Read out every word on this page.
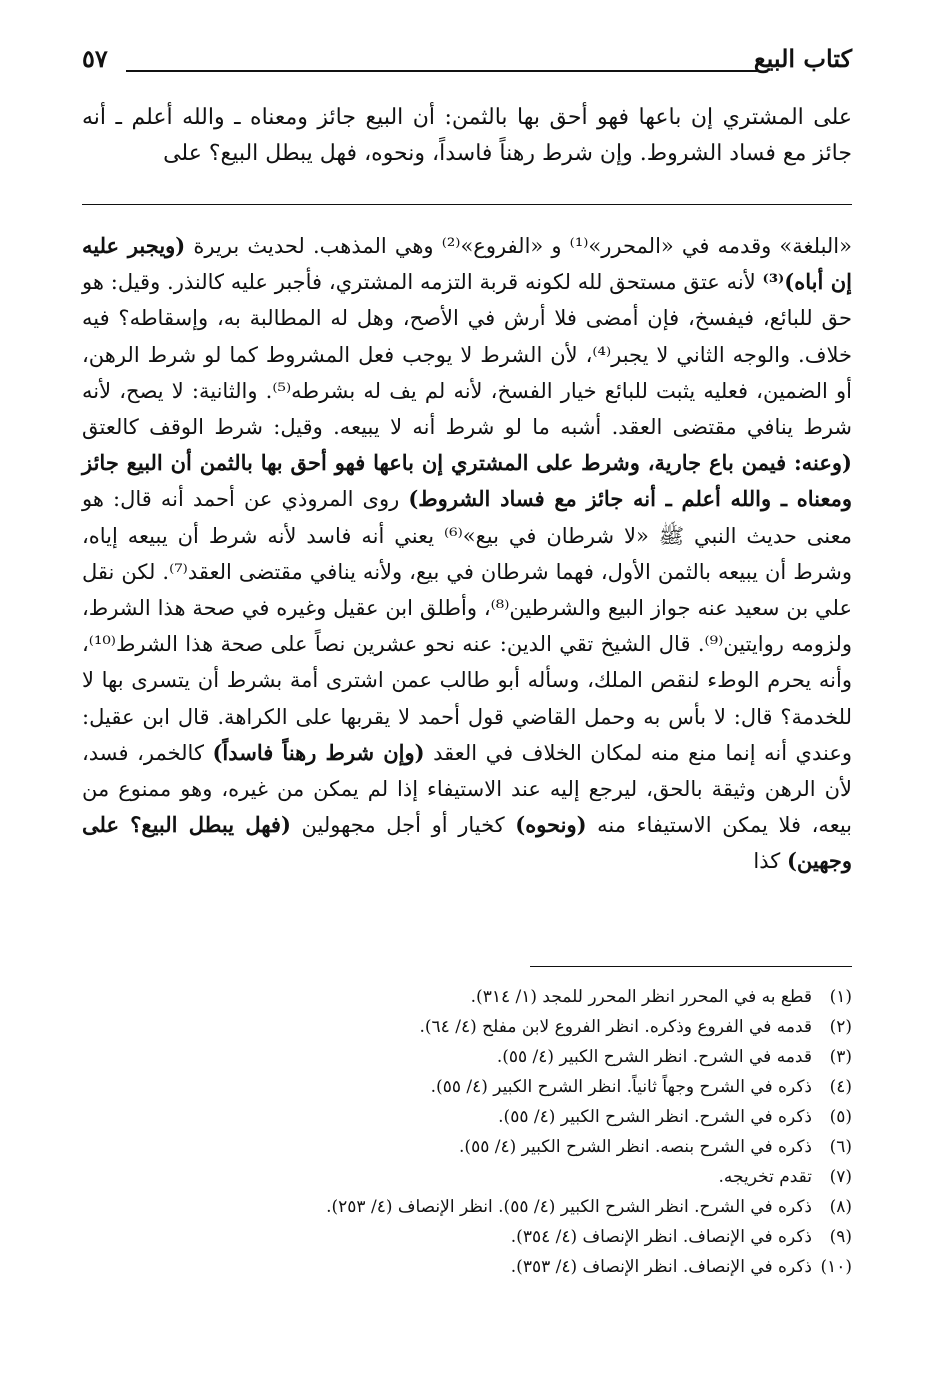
كتاب البيع
٥٧

على المشتري إن باعها فهو أحق بها بالثمن: أن البيع جائز ومعناه ـ والله أعلم ـ أنه جائز مع فساد الشروط. وإن شرط رهناً فاسداً، ونحوه، فهل يبطل البيع؟ على

«البلغة» وقدمه في «المحرر»⁽¹⁾ و «الفروع»⁽²⁾ وهي المذهب. لحديث بريرة (ويجبر عليه إن أباه)⁽³⁾ لأنه عتق مستحق لله لكونه قربة التزمه المشتري، فأجبر عليه كالنذر. وقيل: هو حق للبائع، فيفسخ، فإن أمضى فلا أرش في الأصح، وهل له المطالبة به، وإسقاطه؟ فيه خلاف. والوجه الثاني لا يجبر⁽⁴⁾، لأن الشرط لا يوجب فعل المشروط كما لو شرط الرهن، أو الضمين، فعليه يثبت للبائع خيار الفسخ، لأنه لم يف له بشرطه⁽⁵⁾. والثانية: لا يصح، لأنه شرط ينافي مقتضى العقد. أشبه ما لو شرط أنه لا يبيعه. وقيل: شرط الوقف كالعتق (وعنه: فيمن باع جارية، وشرط على المشتري إن باعها فهو أحق بها بالثمن أن البيع جائز ومعناه ـ والله أعلم ـ أنه جائز مع فساد الشروط) روى المروذي عن أحمد أنه قال: هو معنى حديث النبي ﷺ «لا شرطان في بيع»⁽⁶⁾ يعني أنه فاسد لأنه شرط أن يبيعه إياه، وشرط أن يبيعه بالثمن الأول، فهما شرطان في بيع، ولأنه ينافي مقتضى العقد⁽⁷⁾. لكن نقل علي بن سعيد عنه جواز البيع والشرطين⁽⁸⁾، وأطلق ابن عقيل وغيره في صحة هذا الشرط، ولزومه روايتين⁽⁹⁾. قال الشيخ تقي الدين: عنه نحو عشرين نصاً على صحة هذا الشرط⁽¹⁰⁾، وأنه يحرم الوطء لنقص الملك، وسأله أبو طالب عمن اشترى أمة بشرط أن يتسرى بها لا للخدمة؟ قال: لا بأس به وحمل القاضي قول أحمد لا يقربها على الكراهة. قال ابن عقيل: وعندي أنه إنما منع منه لمكان الخلاف في العقد (وإن شرط رهناً فاسداً) كالخمر، فسد، لأن الرهن وثيقة بالحق، ليرجع إليه عند الاستيفاء إذا لم يمكن من غيره، وهو ممنوع من بيعه، فلا يمكن الاستيفاء منه (ونحوه) كخيار أو أجل مجهولين (فهل يبطل البيع؟ على وجهين) كذا

(١)قطع به في المحرر انظر المحرر للمجد (١/ ٣١٤).
(٢)قدمه في الفروع وذكره. انظر الفروع لابن مفلح (٤/ ٦٤).
(٣)قدمه في الشرح. انظر الشرح الكبير (٤/ ٥٥).
(٤)ذكره في الشرح وجهاً ثانياً. انظر الشرح الكبير (٤/ ٥٥).
(٥)ذكره في الشرح. انظر الشرح الكبير (٤/ ٥٥).
(٦)ذكره في الشرح بنصه. انظر الشرح الكبير (٤/ ٥٥).
(٧)تقدم تخريجه.
(٨)ذكره في الشرح. انظر الشرح الكبير (٤/ ٥٥). انظر الإنصاف (٤/ ٢٥٣).
(٩)ذكره في الإنصاف. انظر الإنصاف (٤/ ٣٥٤).
(١٠)ذكره في الإنصاف. انظر الإنصاف (٤/ ٣٥٣).
